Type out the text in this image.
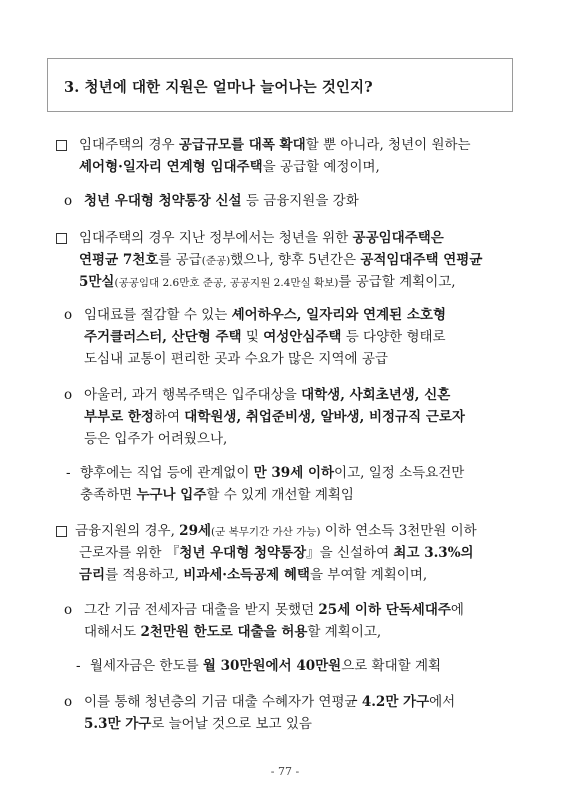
3. 청년에 대한 지원은 얼마나 늘어나는 것인지?
임대주택의 경우 공급규모를 대폭 확대할 뿐 아니라, 청년이 원하는
셰어형·일자리 연계형 임대주택을 공급할 예정이며,
o 청년 우대형 청약통장 신설 등 금융지원을 강화
임대주택의 경우 지난 정부에서는 청년을 위한 공공임대주택은
연평균 7천호를 공급(준공)했으나, 향후 5년간은 공적임대주택 연평균
5만실(공공임대 2.6만호 준공, 공공지원 2.4만실 확보)를 공급할 계획이고,
o 임대료를 절감할 수 있는 셰어하우스, 일자리와 연계된 소호형
주거클러스터, 산단형 주택 및 여성안심주택 등 다양한 형태로
도심내 교통이 편리한 곳과 수요가 많은 지역에 공급
o 아울러, 과거 행복주택은 입주대상을 대학생, 사회초년생, 신혼
부부로 한정하여 대학원생, 취업준비생, 알바생, 비정규직 근로자
등은 입주가 어려웠으나,
- 향후에는 직업 등에 관계없이 만 39세 이하이고, 일정 소득요건만
충족하면 누구나 입주할 수 있게 개선할 계획임
금융지원의 경우, 29세(군 복무기간 가산 가능) 이하 연소득 3천만원 이하
근로자를 위한 『청년 우대형 청약통장』을 신설하여 최고 3.3%의
금리를 적용하고, 비과세·소득공제 혜택을 부여할 계획이며,
o 그간 기금 전세자금 대출을 받지 못했던 25세 이하 단독세대주에
대해서도 2천만원 한도로 대출을 허용할 계획이고,
- 월세자금은 한도를 월 30만원에서 40만원으로 확대할 계획
o 이를 통해 청년층의 기금 대출 수혜자가 연평균 4.2만 가구에서
5.3만 가구로 늘어날 것으로 보고 있음
- 77 -
